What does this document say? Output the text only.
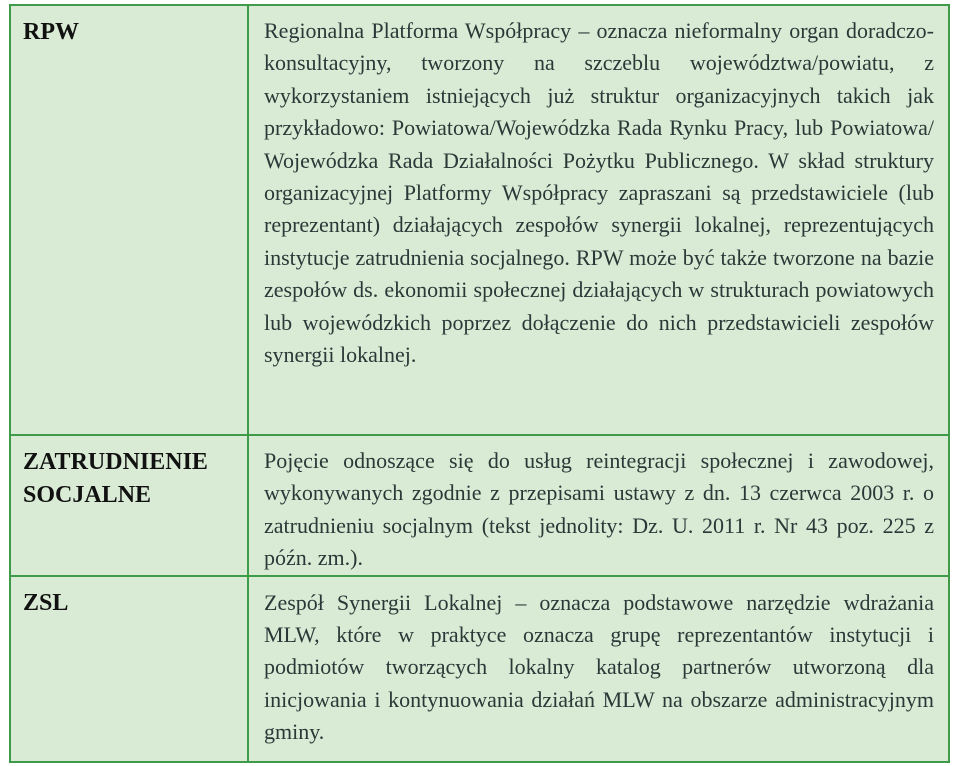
RPW	Regionalna Platforma Współpracy – oznacza nieformalny organ doradczo-konsultacyjny, tworzony na szczeblu województwa/powiatu, z wykorzystaniem istniejących już struktur organizacyjnych takich jak przykładowo: Powiatowa/Wojewódzka Rada Rynku Pracy, lub Powiatowa/ Wojewódzka Rada Działalności Pożytku Publicznego. W skład struktury organizacyjnej Platformy Współpracy zapraszani są przedstawiciele (lub reprezentant) działających zespołów synergii lokalnej, reprezentujących instytucje zatrudnienia socjalnego. RPW może być także tworzone na bazie zespołów ds. ekonomii społecznej działających w strukturach powiatowych lub wojewódzkich poprzez dołączenie do nich przedstawicieli zespołów synergii lokalnej.
ZATRUDNIENIE SOCJALNE	Pojęcie odnoszące się do usług reintegracji społecznej i zawodowej, wykonywanych zgodnie z przepisami ustawy z dn. 13 czerwca 2003 r. o zatrudnieniu socjalnym (tekst jednolity: Dz. U. 2011 r. Nr 43 poz. 225 z późn. zm.).
ZSL	Zespół Synergii Lokalnej – oznacza podstawowe narzędzie wdrażania MLW, które w praktyce oznacza grupę reprezentantów instytucji i podmiotów tworzących lokalny katalog partnerów utworzoną dla inicjowania i kontynuowania działań MLW na obszarze administracyjnym gminy.
